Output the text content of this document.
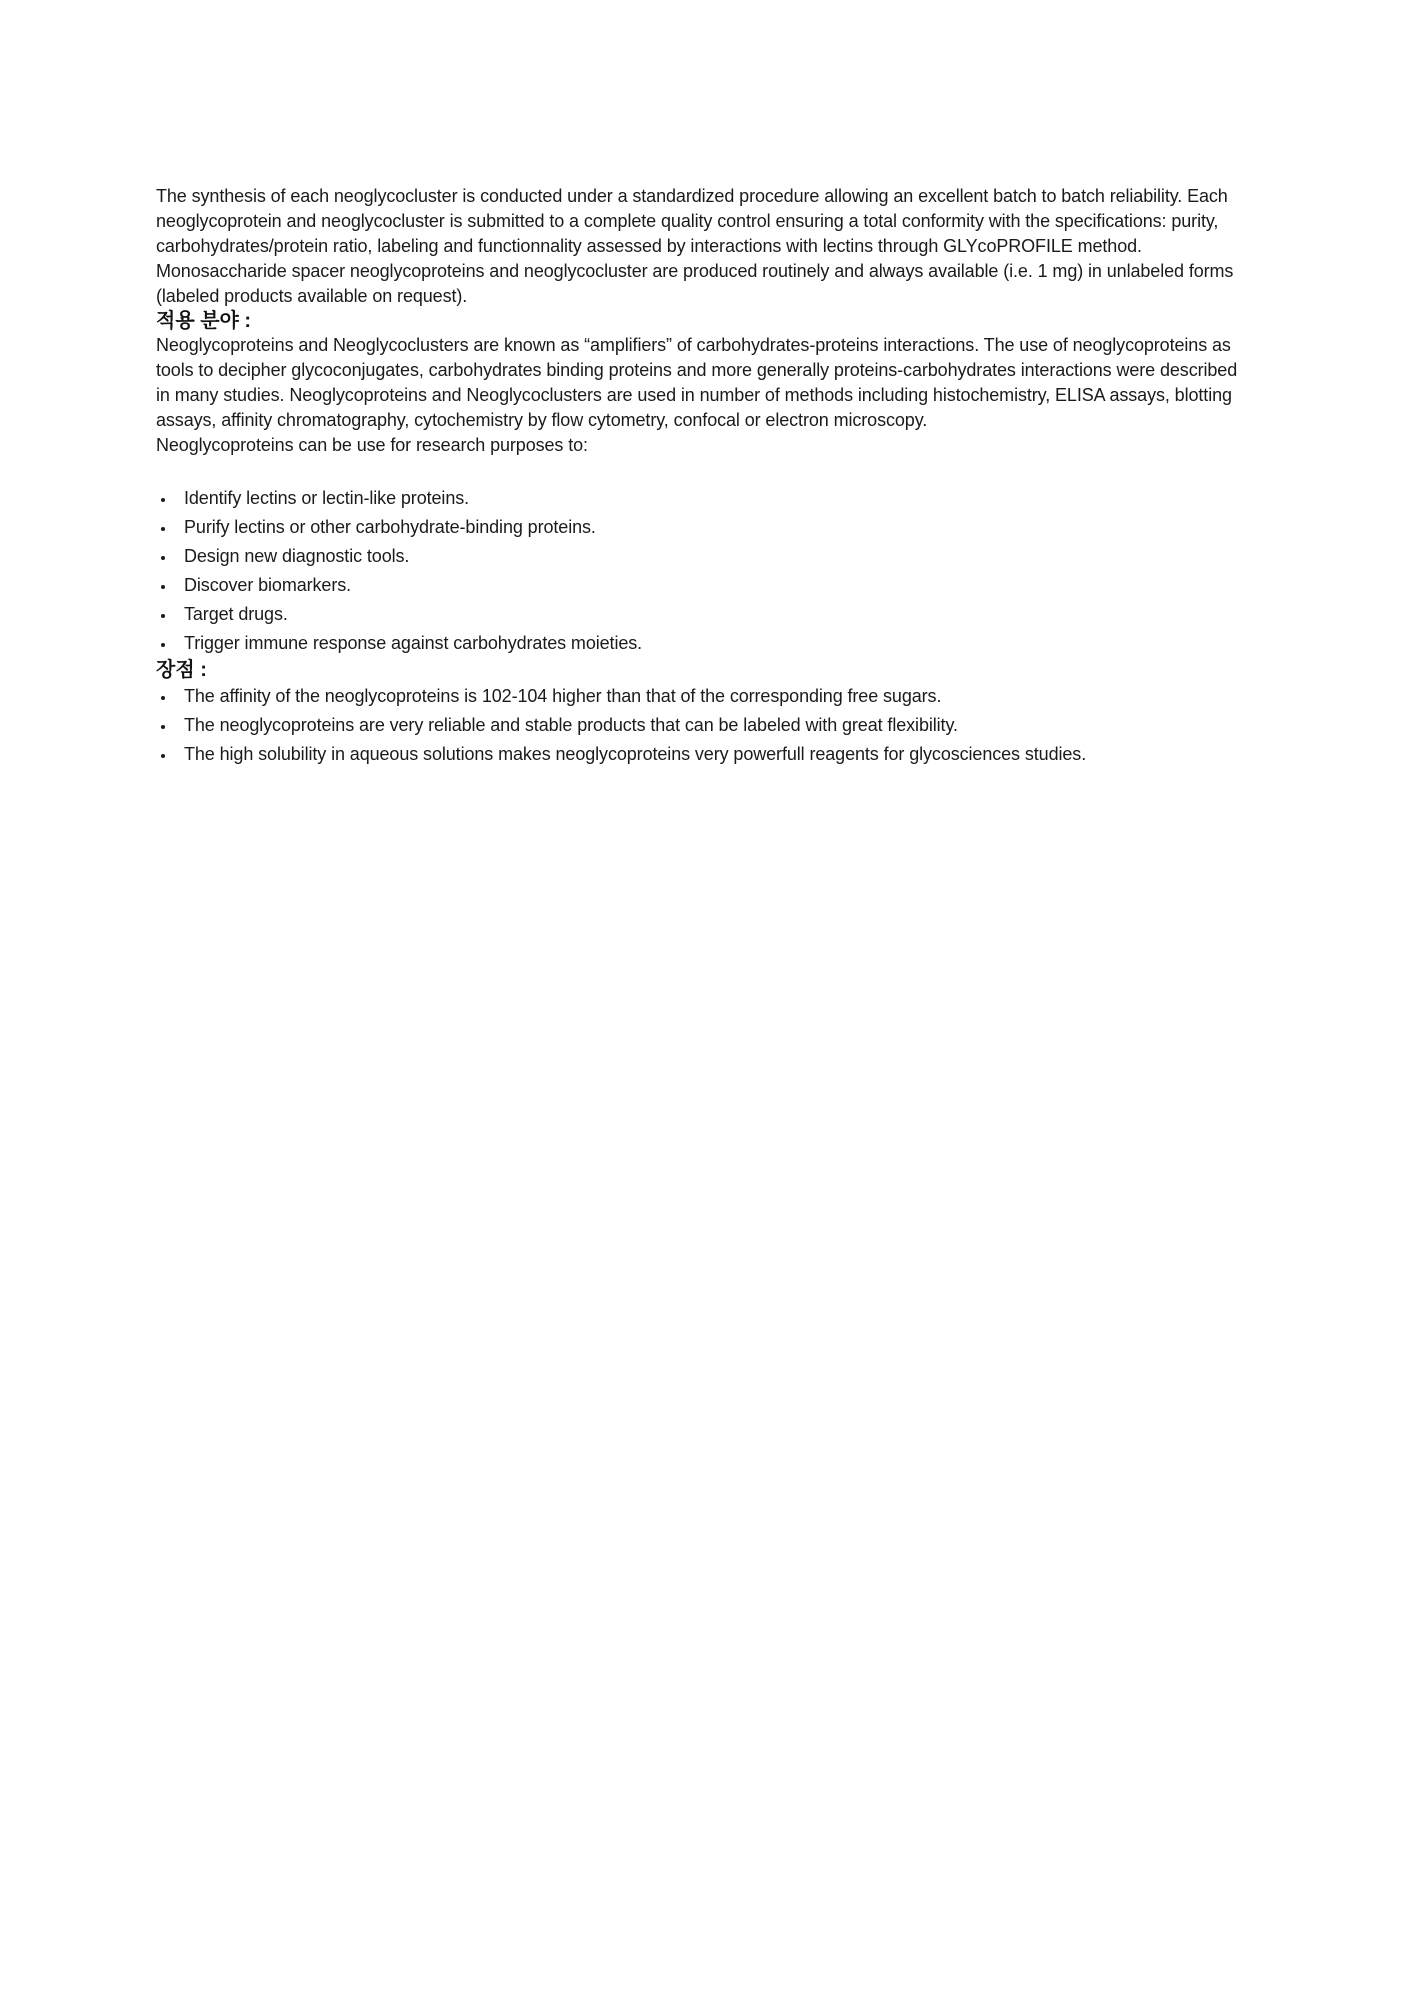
The synthesis of each neoglycocluster is conducted under a standardized procedure allowing an excellent batch to batch reliability. Each neoglycoprotein and neoglycocluster is submitted to a complete quality control ensuring a total conformity with the specifications: purity, carbohydrates/protein ratio, labeling and functionnality assessed by interactions with lectins through GLYcoPROFILE method.

Monosaccharide spacer neoglycoproteins and neoglycocluster are produced routinely and always available (i.e. 1 mg) in unlabeled forms (labeled products available on request).

적용 분야 :

Neoglycoproteins and Neoglycoclusters are known as “amplifiers” of carbohydrates-proteins interactions. The use of neoglycoproteins as tools to decipher glycoconjugates, carbohydrates binding proteins and more generally proteins-carbohydrates interactions were described in many studies. Neoglycoproteins and Neoglycoclusters are used in number of methods including histochemistry, ELISA assays, blotting assays, affinity chromatography, cytochemistry by flow cytometry, confocal or electron microscopy.

Neoglycoproteins can be use for research purposes to:

• Identify lectins or lectin-like proteins.
• Purify lectins or other carbohydrate-binding proteins.
• Design new diagnostic tools.
• Discover biomarkers.
• Target drugs.
• Trigger immune response against carbohydrates moieties.
장점 :
• The affinity of the neoglycoproteins is 102-104 higher than that of the corresponding free sugars.
• The neoglycoproteins are very reliable and stable products that can be labeled with great flexibility.
• The high solubility in aqueous solutions makes neoglycoproteins very powerfull reagents for glycosciences studies.
